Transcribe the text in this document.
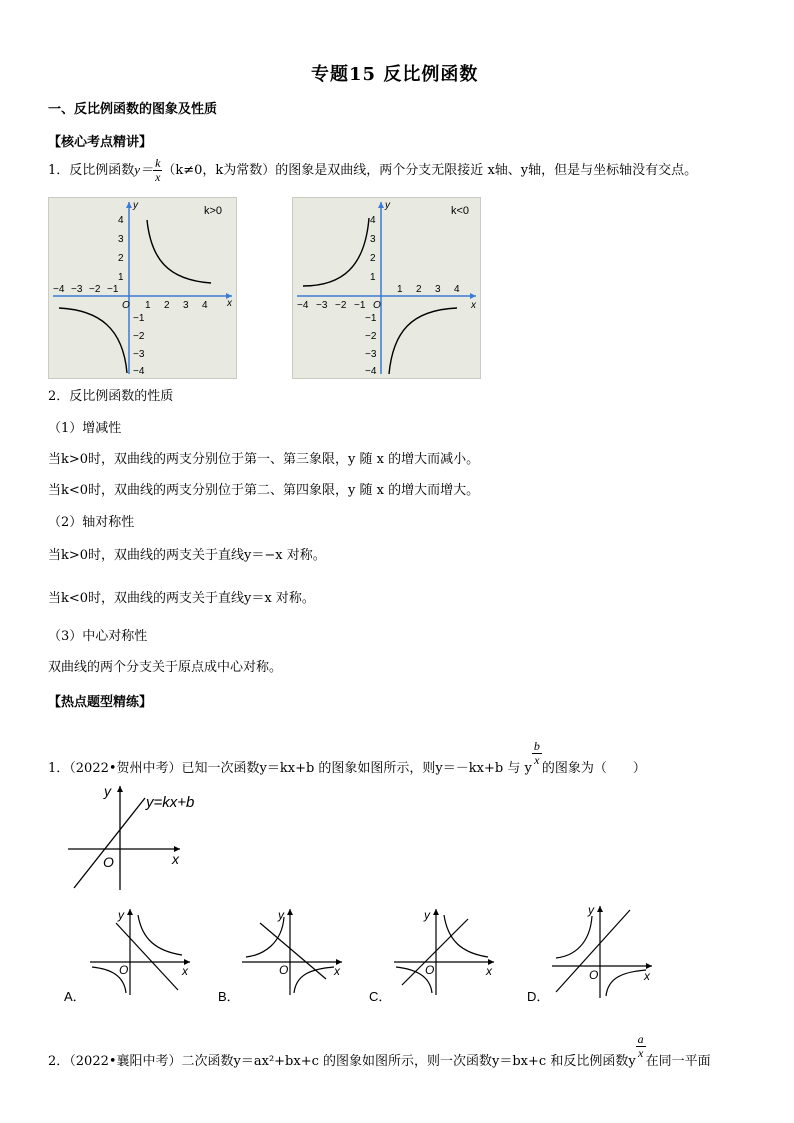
专题15 反比例函数
一、反比例函数的图象及性质
【核心考点精讲】
1．反比例函数$y= \frac{k}{x} (k\ne 0$，k为常数）的图象是双曲线，两个分支无限接近 x轴、y轴，但是与坐标轴没有交点。
y
x
O
k>0
−4 −3 −2 −1
1 2 3 4
4
3
2
1
−1
−2
−3
−4
y
x
O
k<0
−4 −3 −2 −1
1 2 3 4
4
3
2
1
−1
−2
−3
−4
2．反比例函数的性质
（1）增减性
当k>0时，双曲线的两支分别位于第一、第三象限，y 随 x 的增大而减小。
当k<0时，双曲线的两支分别位于第二、第四象限，y 随 x 的增大而增大。
（2）轴对称性
当k>0时，双曲线的两支关于直线y＝−x 对称。
当k<0时，双曲线的两支关于直线y＝x 对称。
（3）中心对称性
双曲线的两个分支关于原点成中心对称。
【热点题型精练】
1．（2022•贺州中考）已知一次函数y＝kx+b 的图象如图所示，则y＝－kx+b 与 y
$\frac{b}{x}$
的图象为（　　）
y
x
O
y=kx+b
y
x
O
A．
y
x
O
B．
y
x
O
C．
y
x
O
D．
2．（2022•襄阳中考）二次函数y＝ax²+bx+c 的图象如图所示，则一次函数y＝bx+c 和反比例函数y
$\frac{a}{x}$
在同一平面
